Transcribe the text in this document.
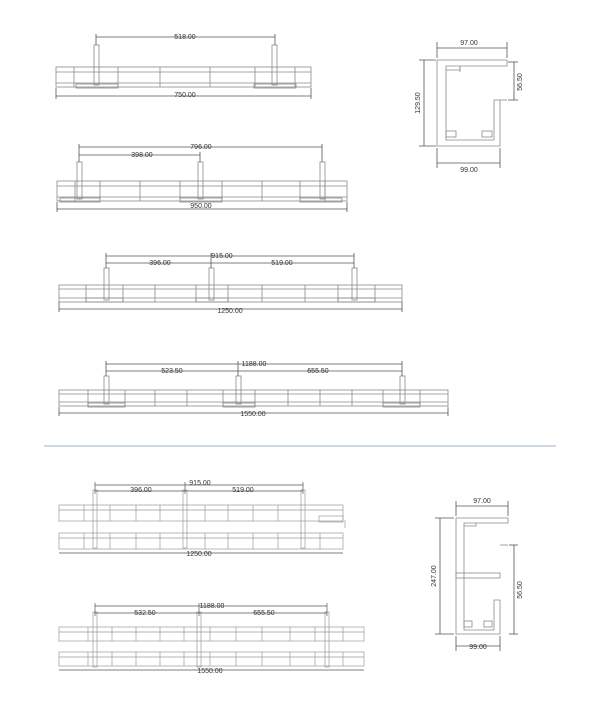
518.00
750.00
796.00
398.00
950.00
915.00
396.00	519.00
1250.00
1188.00
523.50	655.50
1550.00
97.00
129.50
56.50
99.00
915.00
396.00	519.00
1250.00
1188.00
532.50	655.50
1550.00
97.00
247.00
56.50
99.00
